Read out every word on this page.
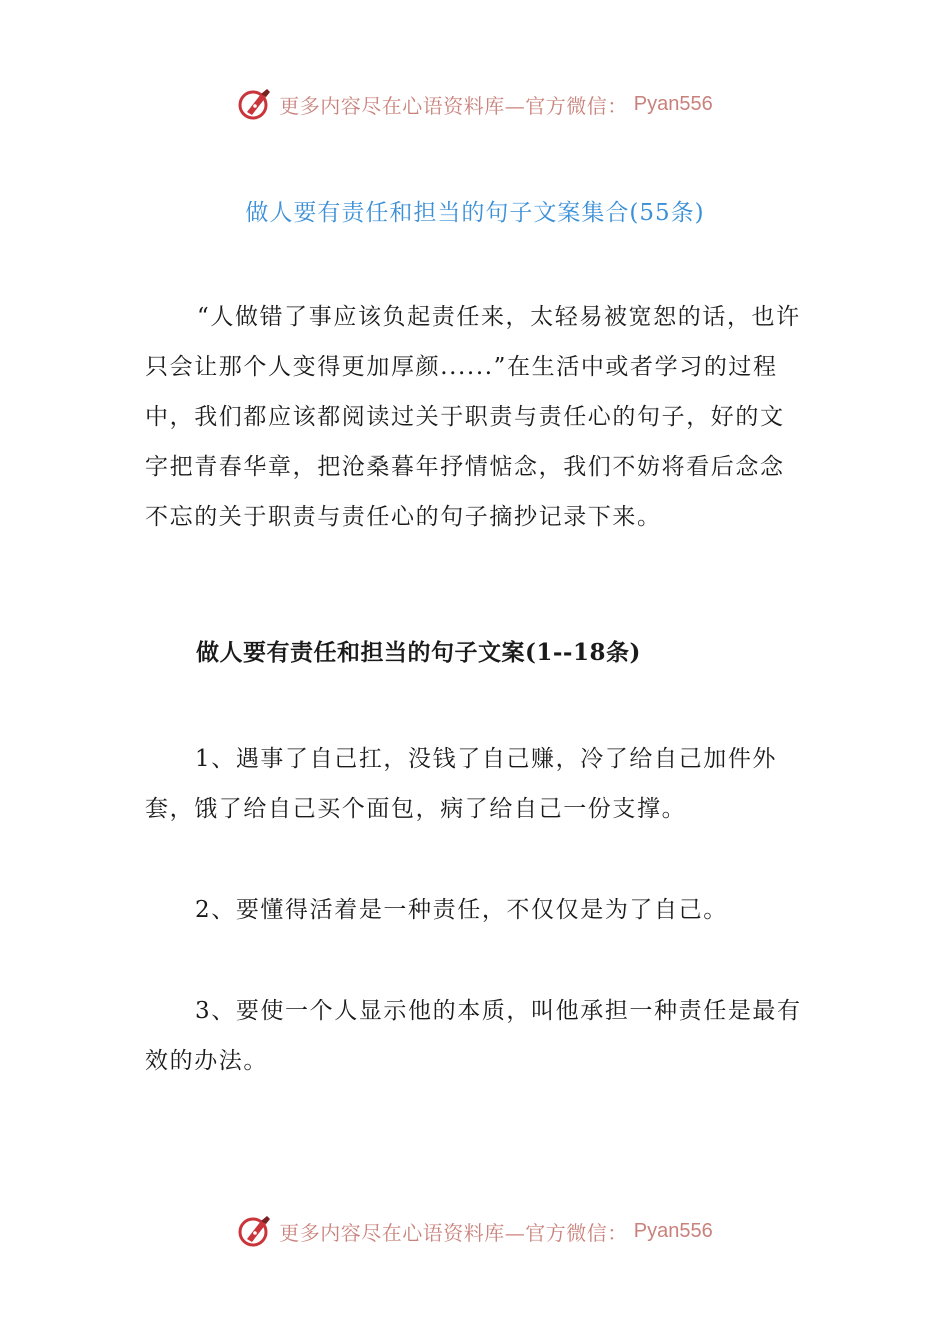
更多内容尽在心语资料库—官方微信： Pyan556
做人要有责任和担当的句子文案集合(55条)

“人做错了事应该负起责任来，太轻易被宽恕的话，也许只会让那个人变得更加厚颜......”在生活中或者学习的过程中，我们都应该都阅读过关于职责与责任心的句子，好的文字把青春华章，把沧桑暮年抒情惦念，我们不妨将看后念念不忘的关于职责与责任心的句子摘抄记录下来。

做人要有责任和担当的句子文案(1--18条)

1、遇事了自己扛，没钱了自己赚，冷了给自己加件外套，饿了给自己买个面包，病了给自己一份支撑。

2、要懂得活着是一种责任，不仅仅是为了自己。

3、要使一个人显示他的本质，叫他承担一种责任是最有效的办法。

更多内容尽在心语资料库—官方微信： Pyan556
